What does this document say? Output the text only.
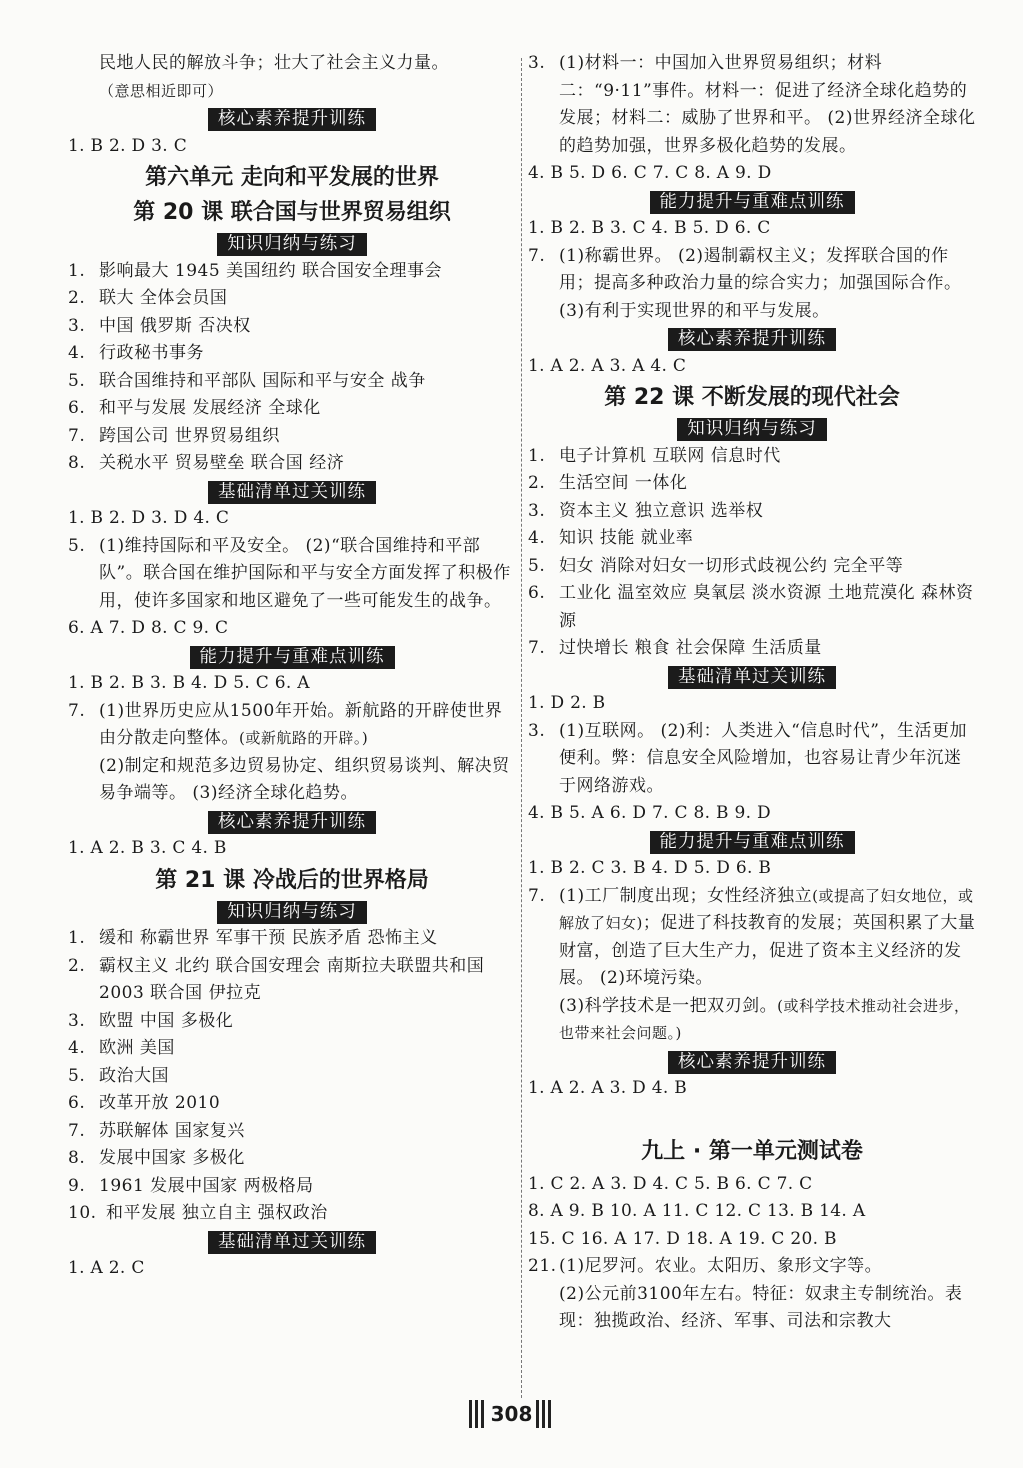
民地人民的解放斗争；壮大了社会主义力量。
（意思相近即可）
核心素养提升训练
1. B 2. D 3. C
第六单元 走向和平发展的世界
第 20 课 联合国与世界贸易组织
知识归纳与练习
1. 影响最大 1945 美国纽约 联合国安全理事会
2. 联大 全体会员国
3. 中国 俄罗斯 否决权
4. 行政秘书事务
5. 联合国维持和平部队 国际和平与安全 战争
6. 和平与发展 发展经济 全球化
7. 跨国公司 世界贸易组织
8. 关税水平 贸易壁垒 联合国 经济
基础清单过关训练
1. B 2. D 3. D 4. C
5. (1)维持国际和平及安全。 (2)“联合国维持和平部队”。联合国在维护国际和平与安全方面发挥了积极作用，使许多国家和地区避免了一些可能发生的战争。
6. A 7. D 8. C 9. C
能力提升与重难点训练
1. B 2. B 3. B 4. D 5. C 6. A
7. (1)世界历史应从1500年开始。新航路的开辟使世界由分散走向整体。(或新航路的开辟。)
(2)制定和规范多边贸易协定、组织贸易谈判、解决贸易争端等。 (3)经济全球化趋势。
核心素养提升训练
1. A 2. B 3. C 4. B
第 21 课 冷战后的世界格局
知识归纳与练习
1. 缓和 称霸世界 军事干预 民族矛盾 恐怖主义
2. 霸权主义 北约 联合国安理会 南斯拉夫联盟共和国 2003 联合国 伊拉克
3. 欧盟 中国 多极化
4. 欧洲 美国
5. 政治大国
6. 改革开放 2010
7. 苏联解体 国家复兴
8. 发展中国家 多极化
9. 1961 发展中国家 两极格局
10. 和平发展 独立自主 强权政治
基础清单过关训练
1. A 2. C
3. (1)材料一：中国加入世界贸易组织；材料二：“9·11”事件。材料一：促进了经济全球化趋势的发展；材料二：威胁了世界和平。 (2)世界经济全球化的趋势加强，世界多极化趋势的发展。
4. B 5. D 6. C 7. C 8. A 9. D
能力提升与重难点训练
1. B 2. B 3. C 4. B 5. D 6. C
7. (1)称霸世界。 (2)遏制霸权主义；发挥联合国的作用；提高多种政治力量的综合实力；加强国际合作。 (3)有利于实现世界的和平与发展。
核心素养提升训练
1. A 2. A 3. A 4. C
第 22 课 不断发展的现代社会
知识归纳与练习
1. 电子计算机 互联网 信息时代
2. 生活空间 一体化
3. 资本主义 独立意识 选举权
4. 知识 技能 就业率
5. 妇女 消除对妇女一切形式歧视公约 完全平等
6. 工业化 温室效应 臭氧层 淡水资源 土地荒漠化 森林资源
7. 过快增长 粮食 社会保障 生活质量
基础清单过关训练
1. D 2. B
3. (1)互联网。 (2)利：人类进入“信息时代”，生活更加便利。弊：信息安全风险增加，也容易让青少年沉迷于网络游戏。
4. B 5. A 6. D 7. C 8. B 9. D
能力提升与重难点训练
1. B 2. C 3. B 4. D 5. D 6. B
7. (1)工厂制度出现；女性经济独立(或提高了妇女地位，或解放了妇女)；促进了科技教育的发展；英国积累了大量财富，创造了巨大生产力，促进了资本主义经济的发展。 (2)环境污染。
(3)科学技术是一把双刃剑。(或科学技术推动社会进步，也带来社会问题。)
核心素养提升训练
1. A 2. A 3. D 4. B
九上 · 第一单元测试卷
1. C 2. A 3. D 4. C 5. B 6. C 7. C
8. A 9. B 10. A 11. C 12. C 13. B 14. A
15. C 16. A 17. D 18. A 19. C 20. B
21. (1)尼罗河。农业。太阳历、象形文字等。
(2)公元前3100年左右。特征：奴隶主专制统治。表现：独揽政治、经济、军事、司法和宗教大
308
